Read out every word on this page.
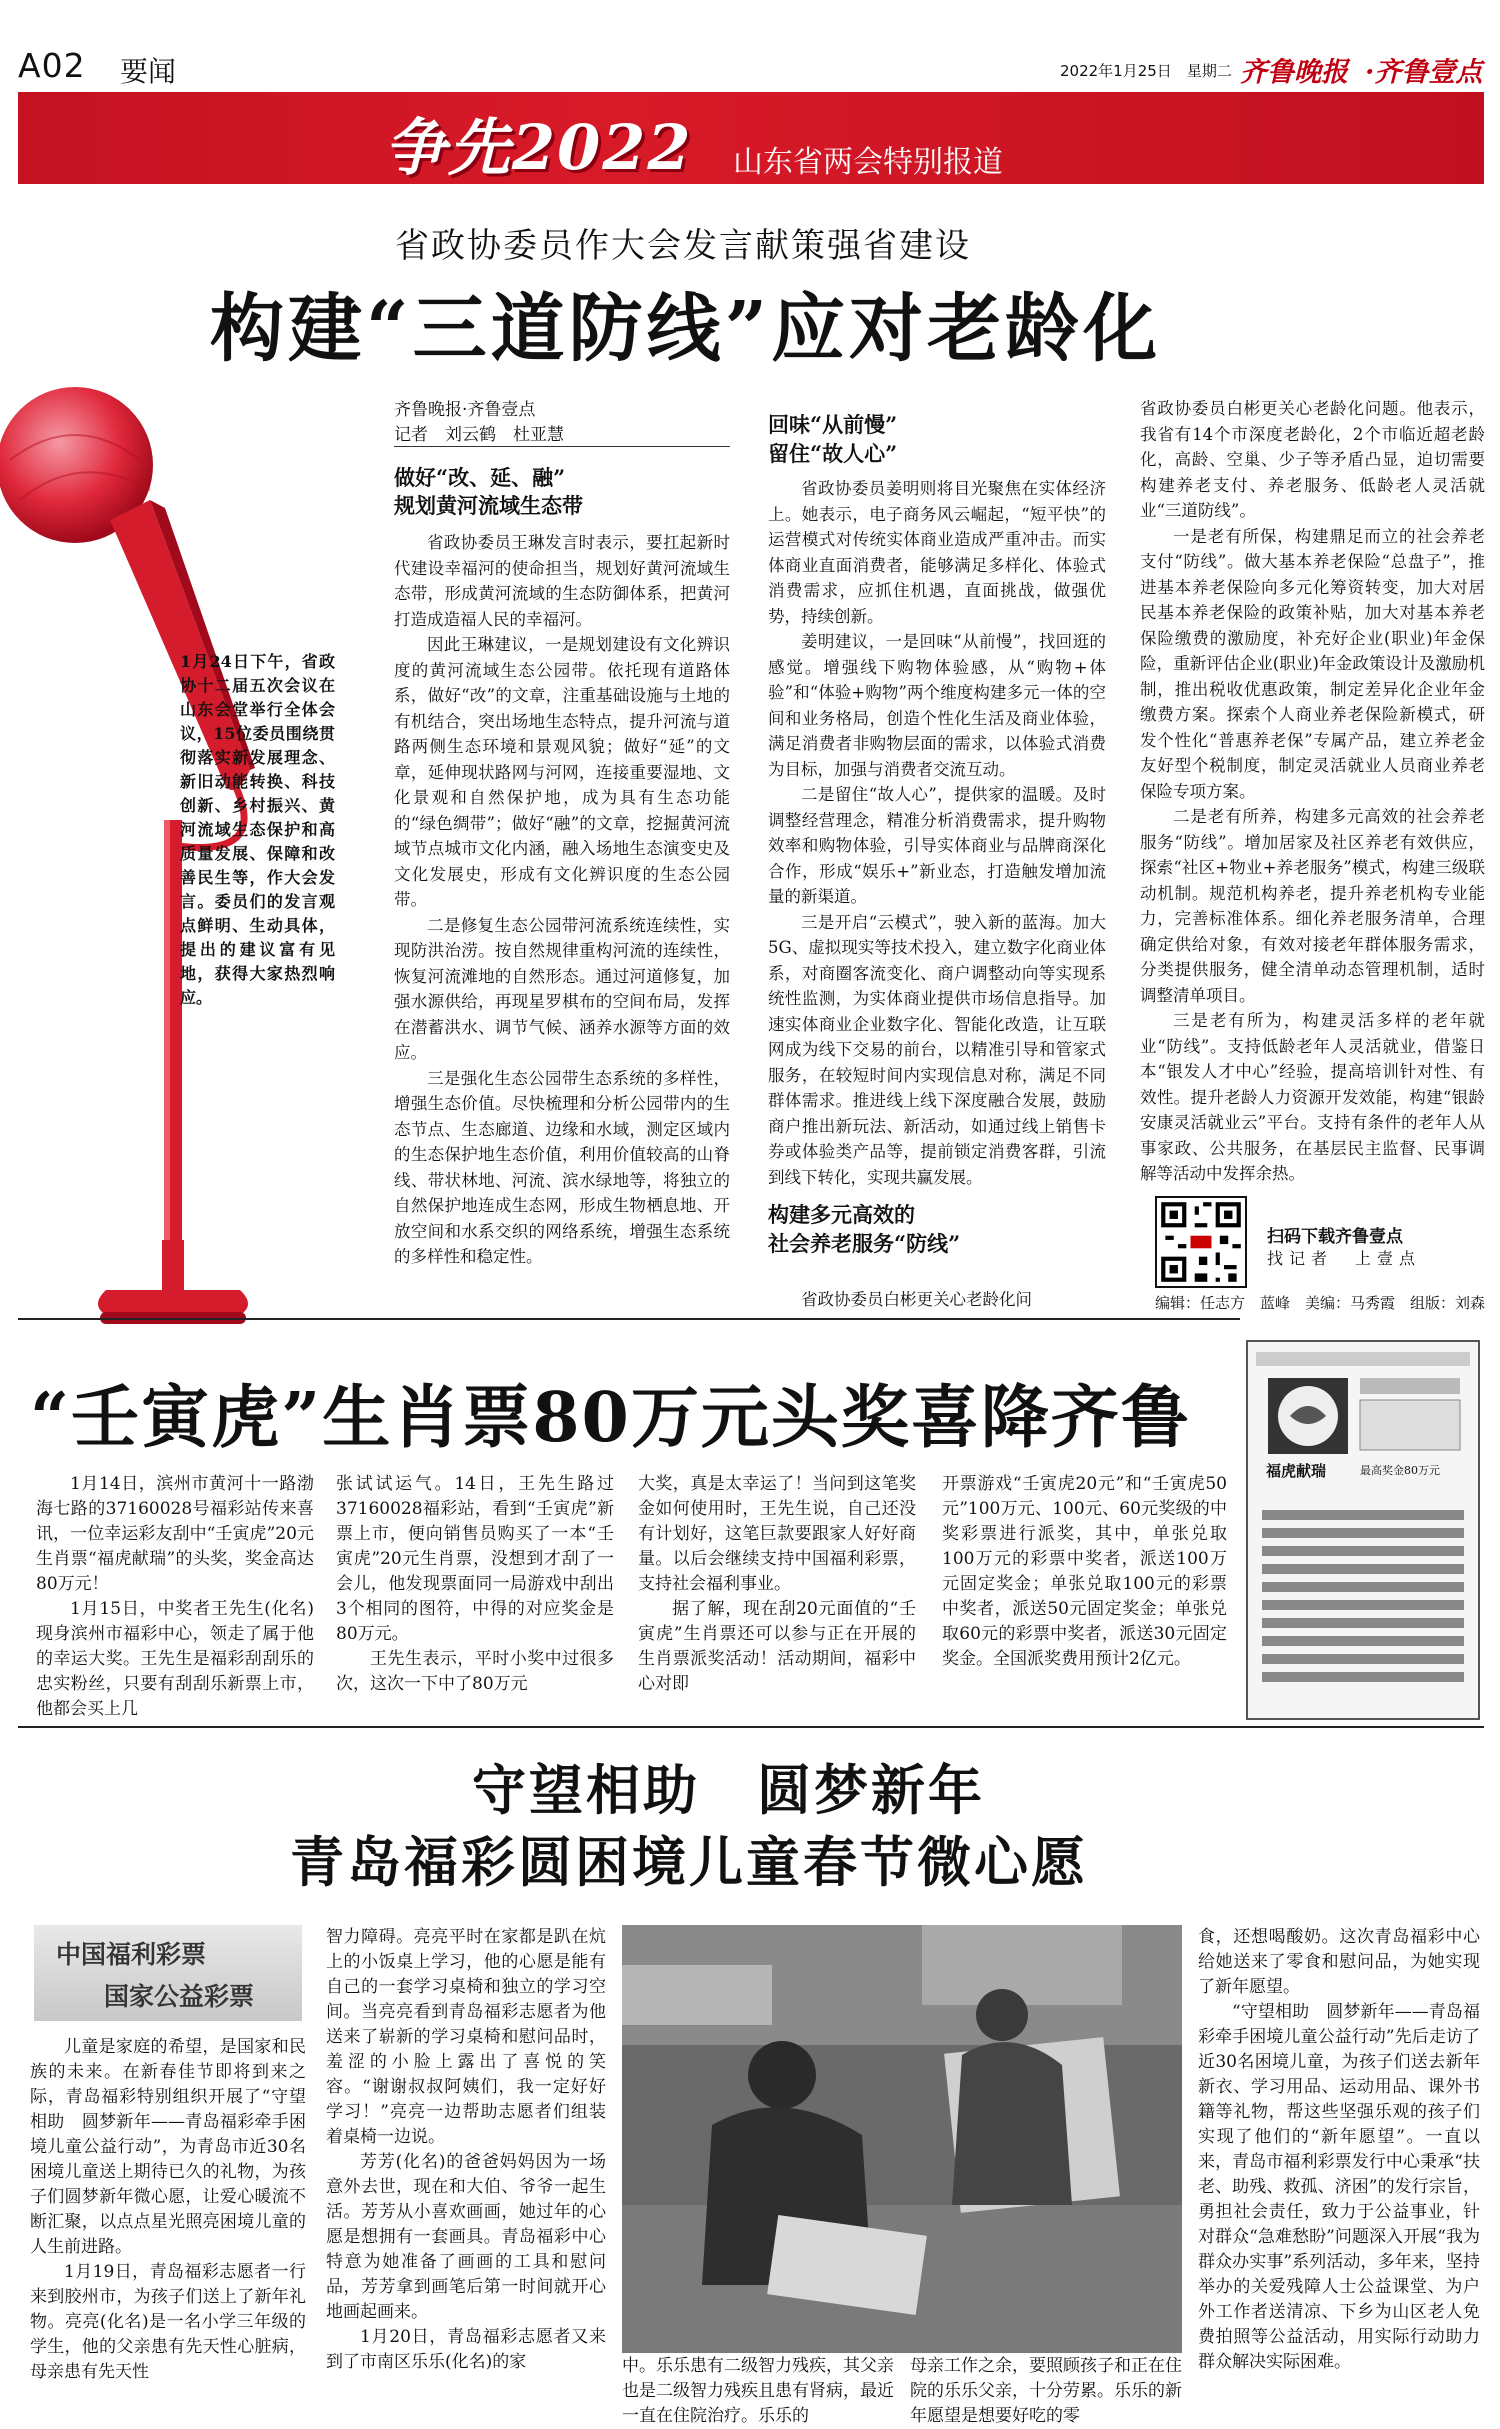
A02 要闻	2022年1月25日　 星期二 齐鲁晚报 ·齐鲁壹点
争先2022 山东省两会特别报道
省政协委员作大会发言献策强省建设
构建“三道防线”应对老龄化
1月24日下午，省政协十二届五次会议在山东会堂举行全体会议，15位委员围绕贯彻落实新发展理念、新旧动能转换、科技创新、乡村振兴、黄河流域生态保护和高质量发展、保障和改善民生等，作大会发言。委员们的发言观点鲜明、生动具体，提出的建议富有见地，获得大家热烈响应。
齐鲁晚报·齐鲁壹点
记者　刘云鹤　杜亚慧
做好“改、延、融”
规划黄河流域生态带

省政协委员王琳发言时表示，要扛起新时代建设幸福河的使命担当，规划好黄河流域生态带，形成黄河流域的生态防御体系，把黄河打造成造福人民的幸福河。

因此王琳建议，一是规划建设有文化辨识度的黄河流域生态公园带。依托现有道路体系，做好“改”的文章，注重基础设施与土地的有机结合，突出场地生态特点，提升河流与道路两侧生态环境和景观风貌；做好“延”的文章，延伸现状路网与河网，连接重要湿地、文化景观和自然保护地，成为具有生态功能的“绿色绸带”；做好“融”的文章，挖掘黄河流域节点城市文化内涵，融入场地生态演变史及文化发展史，形成有文化辨识度的生态公园带。

二是修复生态公园带河流系统连续性，实现防洪治涝。按自然规律重构河流的连续性，恢复河流滩地的自然形态。通过河道修复，加强水源供给，再现星罗棋布的空间布局，发挥在潜蓄洪水、调节气候、涵养水源等方面的效应。

三是强化生态公园带生态系统的多样性，增强生态价值。尽快梳理和分析公园带内的生态节点、生态廊道、边缘和水域，测定区域内的生态保护地生态价值，利用价值较高的山脊线、带状林地、河流、滨水绿地等，将独立的自然保护地连成生态网，形成生物栖息地、开放空间和水系交织的网络系统，增强生态系统的多样性和稳定性。

回味“从前慢”
留住“故人心”

省政协委员姜明则将目光聚焦在实体经济上。她表示，电子商务风云崛起，“短平快”的运营模式对传统实体商业造成严重冲击。而实体商业直面消费者，能够满足多样化、体验式消费需求，应抓住机遇，直面挑战，做强优势，持续创新。

姜明建议，一是回味“从前慢”，找回逛的感觉。增强线下购物体验感，从“购物+体验”和“体验+购物”两个维度构建多元一体的空间和业务格局，创造个性化生活及商业体验，满足消费者非购物层面的需求，以体验式消费为目标，加强与消费者交流互动。

二是留住“故人心”，提供家的温暖。及时调整经营理念，精准分析消费需求，提升购物效率和购物体验，引导实体商业与品牌商深化合作，形成“娱乐+”新业态，打造触发增加流量的新渠道。

三是开启“云模式”，驶入新的蓝海。加大5G、虚拟现实等技术投入，建立数字化商业体系，对商圈客流变化、商户调整动向等实现系统性监测，为实体商业提供市场信息指导。加速实体商业企业数字化、智能化改造，让互联网成为线下交易的前台，以精准引导和管家式服务，在较短时间内实现信息对称，满足不同群体需求。推进线上线下深度融合发展，鼓励商户推出新玩法、新活动，如通过线上销售卡券或体验类产品等，提前锁定消费客群，引流到线下转化，实现共赢发展。

构建多元高效的
社会养老服务“防线”

省政协委员白彬更关心老龄化问

省政协委员白彬更关心老龄化问题。他表示，我省有14个市深度老龄化，2个市临近超老龄化，高龄、空巢、少子等矛盾凸显，迫切需要构建养老支付、养老服务、低龄老人灵活就业“三道防线”。

一是老有所保，构建鼎足而立的社会养老支付“防线”。做大基本养老保险“总盘子”，推进基本养老保险向多元化筹资转变，加大对居民基本养老保险的政策补贴，加大对基本养老保险缴费的激励度，补充好企业(职业)年金保险，重新评估企业(职业)年金政策设计及激励机制，推出税收优惠政策，制定差异化企业年金缴费方案。探索个人商业养老保险新模式，研发个性化“普惠养老保”专属产品，建立养老金友好型个税制度，制定灵活就业人员商业养老保险专项方案。

二是老有所养，构建多元高效的社会养老服务“防线”。增加居家及社区养老有效供应，探索“社区+物业+养老服务”模式，构建三级联动机制。规范机构养老，提升养老机构专业能力，完善标准体系。细化养老服务清单，合理确定供给对象，有效对接老年群体服务需求，分类提供服务，健全清单动态管理机制，适时调整清单项目。

三是老有所为，构建灵活多样的老年就业“防线”。支持低龄老年人灵活就业，借鉴日本“银发人才中心”经验，提高培训针对性、有效性。提升老龄人力资源开发效能，构建“银龄安康灵活就业云”平台。支持有条件的老年人从事家政、公共服务，在基层民主监督、民事调解等活动中发挥余热。

扫码下载齐鲁壹点
找记者　上壹点
编辑：任志方　蓝峰　美编：马秀霞　组版：刘森
“壬寅虎”生肖票80万元头奖喜降齐鲁

1月14日，滨州市黄河十一路渤海七路的37160028号福彩站传来喜讯，一位幸运彩友刮中“壬寅虎”20元生肖票“福虎献瑞”的头奖，奖金高达80万元！

1月15日，中奖者王先生(化名)现身滨州市福彩中心，领走了属于他的幸运大奖。王先生是福彩刮刮乐的忠实粉丝，只要有刮刮乐新票上市，他都会买上几

张试试运气。14日，王先生路过37160028福彩站，看到“壬寅虎”新票上市，便向销售员购买了一本“壬寅虎”20元生肖票，没想到才刮了一会儿，他发现票面同一局游戏中刮出3个相同的图符，中得的对应奖金是80万元。

王先生表示，平时小奖中过很多次，这次一下中了80万元

大奖，真是太幸运了！当问到这笔奖金如何使用时，王先生说，自己还没有计划好，这笔巨款要跟家人好好商量。以后会继续支持中国福利彩票，支持社会福利事业。

据了解，现在刮20元面值的“壬寅虎”生肖票还可以参与正在开展的生肖票派奖活动！活动期间，福彩中心对即

开票游戏“壬寅虎20元”和“壬寅虎50元”100万元、100元、60元奖级的中奖彩票进行派奖，其中，单张兑取100万元的彩票中奖者，派送100万元固定奖金；单张兑取100元的彩票中奖者，派送50元固定奖金；单张兑取60元的彩票中奖者，派送30元固定奖金。全国派奖费用预计2亿元。

福虎献瑞	最高奖金80万元
守望相助　圆梦新年
青岛福彩圆困境儿童春节微心愿
中国福利彩票
国家公益彩票

儿童是家庭的希望，是国家和民族的未来。在新春佳节即将到来之际，青岛福彩特别组织开展了“守望相助　圆梦新年——青岛福彩牵手困境儿童公益行动”，为青岛市近30名困境儿童送上期待已久的礼物，为孩子们圆梦新年微心愿，让爱心暖流不断汇聚，以点点星光照亮困境儿童的人生前进路。

1月19日，青岛福彩志愿者一行来到胶州市，为孩子们送上了新年礼物。亮亮(化名)是一名小学三年级的学生，他的父亲患有先天性心脏病，母亲患有先天性

智力障碍。亮亮平时在家都是趴在炕上的小饭桌上学习，他的心愿是能有自己的一套学习桌椅和独立的学习空间。当亮亮看到青岛福彩志愿者为他送来了崭新的学习桌椅和慰问品时，羞涩的小脸上露出了喜悦的笑容。“谢谢叔叔阿姨们，我一定好好学习！”亮亮一边帮助志愿者们组装着桌椅一边说。

芳芳(化名)的爸爸妈妈因为一场意外去世，现在和大伯、爷爷一起生活。芳芳从小喜欢画画，她过年的心愿是想拥有一套画具。青岛福彩中心特意为她准备了画画的工具和慰问品，芳芳拿到画笔后第一时间就开心地画起画来。

1月20日，青岛福彩志愿者又来到了市南区乐乐(化名)的家	中。乐乐患有二级智力残疾，其父亲也是二级智力残疾且患有肾病，最近一直在住院治疗。乐乐的
母亲工作之余，要照顾孩子和正在住院的乐乐父亲，十分劳累。乐乐的新年愿望是想要好吃的零

食，还想喝酸奶。这次青岛福彩中心给她送来了零食和慰问品，为她实现了新年愿望。

“守望相助　圆梦新年——青岛福彩牵手困境儿童公益行动”先后走访了近30名困境儿童，为孩子们送去新年新衣、学习用品、运动用品、课外书籍等礼物，帮这些坚强乐观的孩子们实现了他们的“新年愿望”。一直以来，青岛市福利彩票发行中心秉承“扶老、助残、救孤、济困”的发行宗旨，勇担社会责任，致力于公益事业，针对群众“急难愁盼”问题深入开展“我为群众办实事”系列活动，多年来，坚持举办的关爱残障人士公益课堂、为户外工作者送清凉、下乡为山区老人免费拍照等公益活动，用实际行动助力群众解决实际困难。
